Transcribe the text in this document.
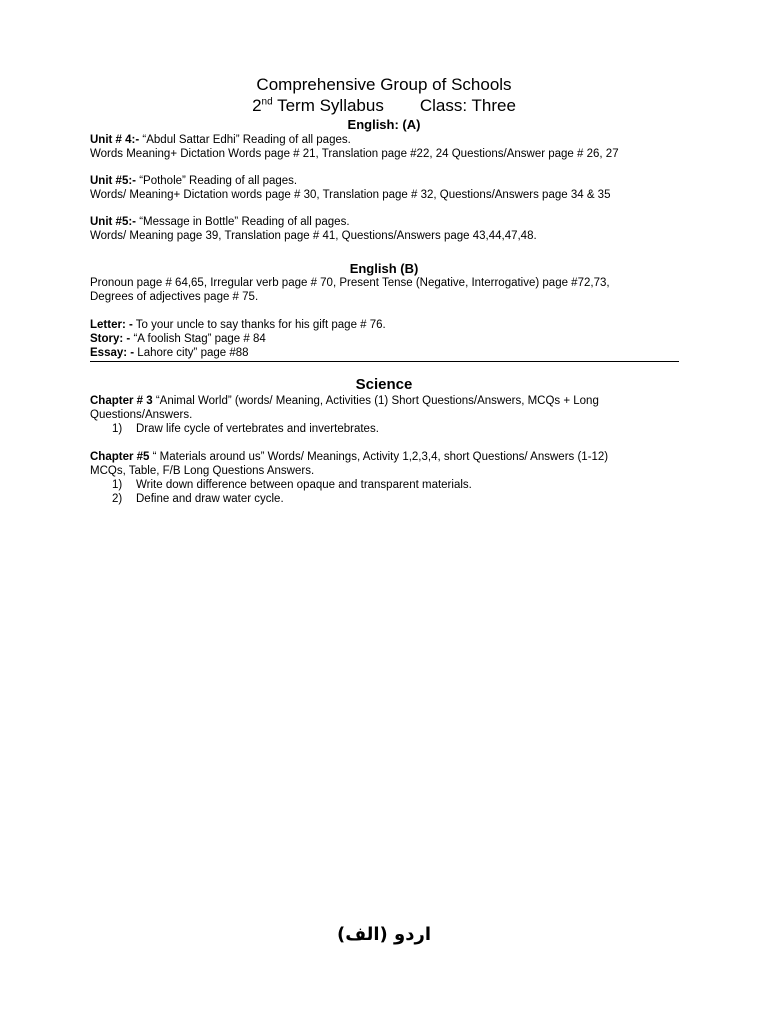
Comprehensive Group of Schools
2nd Term Syllabus Class: Three
English: (A)
Unit # 4:- “Abdul Sattar Edhi” Reading of all pages.
Words Meaning+ Dictation Words page # 21, Translation page #22, 24 Questions/Answer page # 26, 27
Unit #5:- “Pothole” Reading of all pages.
Words/ Meaning+ Dictation words page # 30, Translation page # 32, Questions/Answers page 34 & 35
Unit #5:- “Message in Bottle” Reading of all pages.
Words/ Meaning page 39, Translation page # 41, Questions/Answers page 43,44,47,48.
English (B)
Pronoun page # 64,65, Irregular verb page # 70, Present Tense (Negative, Interrogative) page #72,73,
Degrees of adjectives page # 75.
Letter: - To your uncle to say thanks for his gift page # 76.
Story: - “A foolish Stag” page # 84
Essay: - Lahore city” page #88
Science
Chapter # 3 “Animal World” (words/ Meaning, Activities (1) Short Questions/Answers, MCQs + Long
Questions/Answers.
1) Draw life cycle of vertebrates and invertebrates.
Chapter #5 “ Materials around us” Words/ Meanings, Activity 1,2,3,4, short Questions/ Answers (1-12)
MCQs, Table, F/B Long Questions Answers.
1) Write down difference between opaque and transparent materials.
2) Define and draw water cycle.
اردو (الف)
